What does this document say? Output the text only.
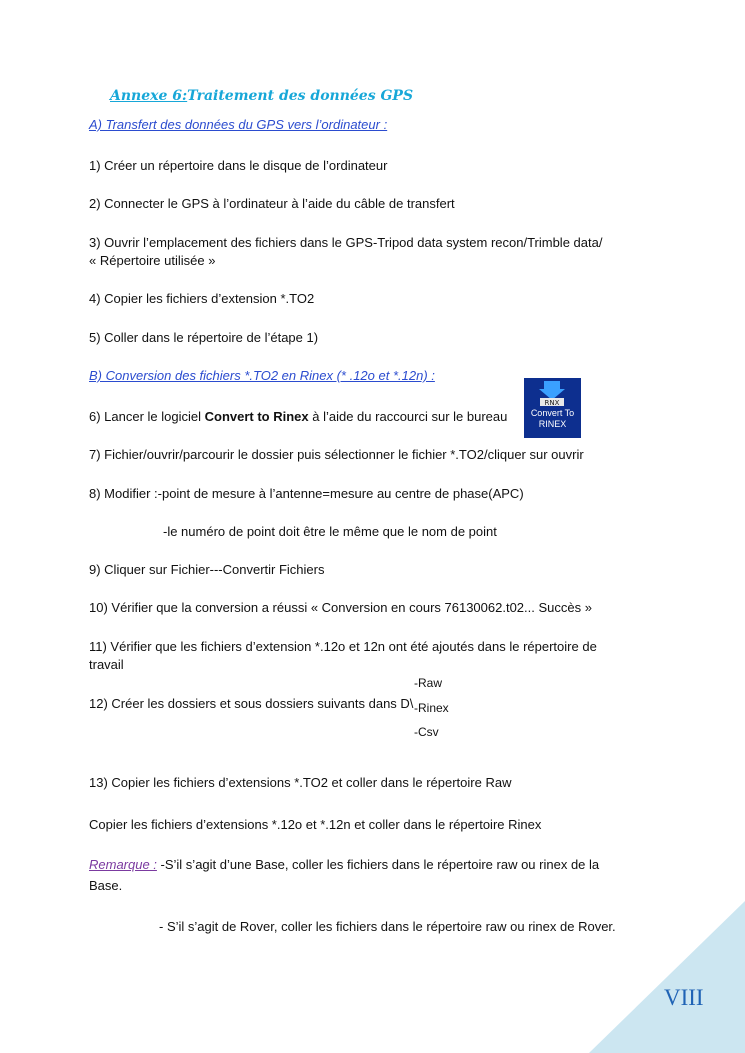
Annexe 6:Traitement des données GPS
A) Transfert des données du GPS vers l’ordinateur :
1) Créer un répertoire dans le disque de l’ordinateur
2) Connecter le GPS à l’ordinateur à l’aide du câble de transfert
3) Ouvrir l’emplacement des fichiers dans le GPS-Tripod data system recon/Trimble data/
« Répertoire utilisée »
4) Copier les fichiers d’extension *.TO2
5) Coller dans le répertoire de l’étape 1)
B) Conversion des fichiers *.TO2 en Rinex (* .12o et *.12n) :
6) Lancer le logiciel Convert to Rinex à l’aide du raccourci sur le bureau
RNX
Convert To RINEX
7) Fichier/ouvrir/parcourir le dossier puis sélectionner le fichier *.TO2/cliquer sur ouvrir
8) Modifier :-point de mesure à l’antenne=mesure au centre de phase(APC)
-le numéro de point doit être le même que le nom de point
9) Cliquer sur Fichier---Convertir Fichiers
10) Vérifier que la conversion a réussi « Conversion en cours 76130062.t02... Succès »
11) Vérifier que les fichiers d’extension *.12o et 12n ont été ajoutés dans le répertoire de
travail
12) Créer les dossiers et sous dossiers suivants dans D\
-Raw
-Rinex
-Csv
13) Copier les fichiers d’extensions *.TO2 et coller dans le répertoire Raw
Copier les fichiers d’extensions *.12o et *.12n et coller dans le répertoire Rinex
Remarque : -S’il s’agit d’une Base, coller les fichiers dans le répertoire raw ou rinex de la
Base.
- S’il s’agit de Rover, coller les fichiers dans le répertoire raw ou rinex de Rover.
VIII
